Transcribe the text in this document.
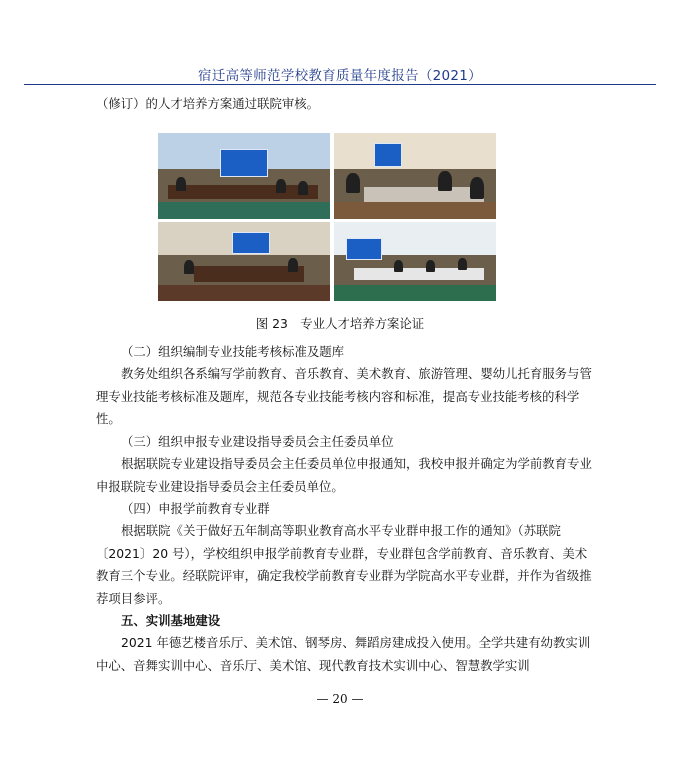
宿迁高等师范学校教育质量年度报告（2021）
（修订）的人才培养方案通过联院审核。
图 23　专业人才培养方案论证
（二）组织编制专业技能考核标准及题库
教务处组织各系编写学前教育、音乐教育、美术教育、旅游管理、婴幼儿托育服务与管理专业技能考核标准及题库，规范各专业技能考核内容和标准，提高专业技能考核的科学性。
（三）组织申报专业建设指导委员会主任委员单位
根据联院专业建设指导委员会主任委员单位申报通知，我校申报并确定为学前教育专业申报联院专业建设指导委员会主任委员单位。
（四）申报学前教育专业群
根据联院《关于做好五年制高等职业教育高水平专业群申报工作的通知》（苏联院〔2021〕20 号），学校组织申报学前教育专业群，专业群包含学前教育、音乐教育、美术教育三个专业。经联院评审，确定我校学前教育专业群为学院高水平专业群，并作为省级推荐项目参评。
五、实训基地建设
2021 年德艺楼音乐厅、美术馆、钢琴房、舞蹈房建成投入使用。全学共建有幼教实训中心、音舞实训中心、音乐厅、美术馆、现代教育技术实训中心、智慧教学实训
— 20 —
